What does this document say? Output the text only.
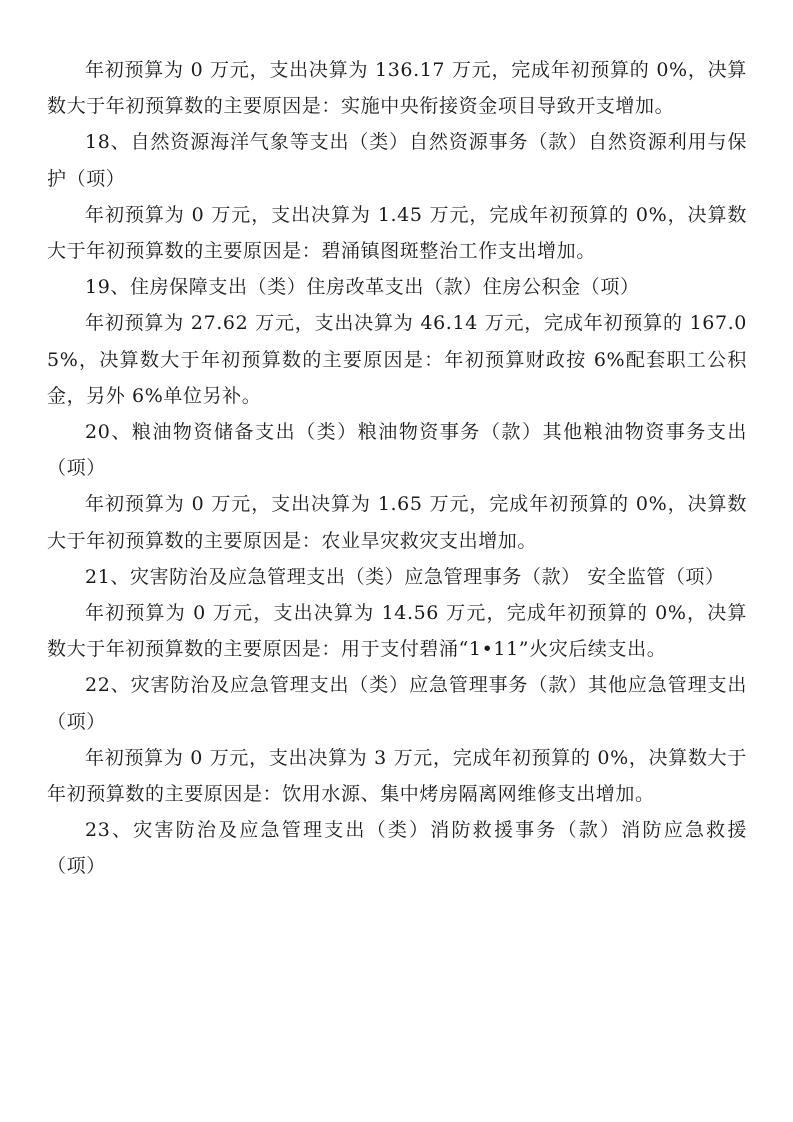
年初预算为 0 万元，支出决算为 136.17 万元，完成年初预算的 0%，决算数大于年初预算数的主要原因是：实施中央衔接资金项目导致开支增加。

18、自然资源海洋气象等支出（类）自然资源事务（款）自然资源利用与保护（项）

年初预算为 0 万元，支出决算为 1.45 万元，完成年初预算的 0%，决算数大于年初预算数的主要原因是：碧涌镇图斑整治工作支出增加。

19、住房保障支出（类）住房改革支出（款）住房公积金（项）

年初预算为 27.62 万元，支出决算为 46.14 万元，完成年初预算的 167.05%，决算数大于年初预算数的主要原因是：年初预算财政按 6%配套职工公积金，另外 6%单位另补。

20、粮油物资储备支出（类）粮油物资事务（款）其他粮油物资事务支出（项）

年初预算为 0 万元，支出决算为 1.65 万元，完成年初预算的 0%，决算数大于年初预算数的主要原因是：农业旱灾救灾支出增加。

21、灾害防治及应急管理支出（类）应急管理事务（款） 安全监管（项）

年初预算为 0 万元，支出决算为 14.56 万元，完成年初预算的 0%，决算数大于年初预算数的主要原因是：用于支付碧涌“1•11”火灾后续支出。

22、灾害防治及应急管理支出（类）应急管理事务（款）其他应急管理支出（项）

年初预算为 0 万元，支出决算为 3 万元，完成年初预算的 0%，决算数大于年初预算数的主要原因是：饮用水源、集中烤房隔离网维修支出增加。

23、灾害防治及应急管理支出（类）消防救援事务（款）消防应急救援（项）
